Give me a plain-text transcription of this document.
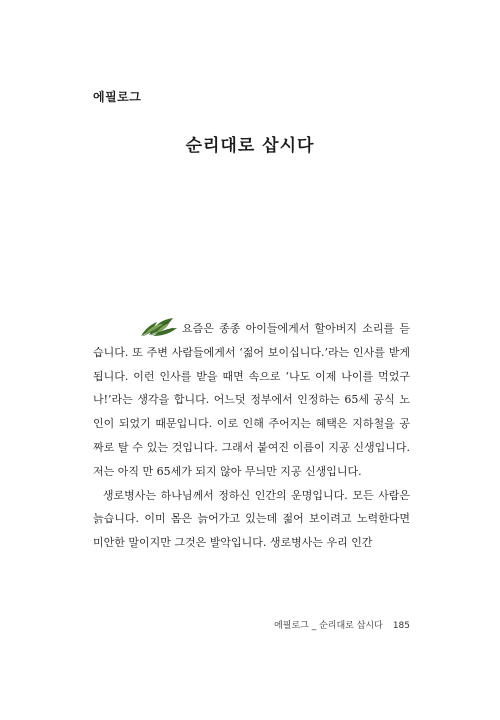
에필로그
순리대로 삽시다

요즘은 종종 아이들에게서 할아버지 소리를 듣습니다. 또 주변 사람들에게서 ‘젊어 보이십니다.’라는 인사를 받게 됩니다. 이런 인사를 받을 때면 속으로 ‘나도 이제 나이를 먹었구나!’라는 생각을 합니다. 어느덧 정부에서 인정하는 65세 공식 노인이 되었기 때문입니다. 이로 인해 주어지는 혜택은 지하철을 공짜로 탈 수 있는 것입니다. 그래서 붙여진 이름이 지공 신생입니다. 저는 아직 만 65세가 되지 않아 무늬만 지공 신생입니다.

생로병사는 하나님께서 정하신 인간의 운명입니다. 모든 사람은 늙습니다. 이미 몸은 늙어가고 있는데 젊어 보이려고 노력한다면 미안한 말이지만 그것은 발악입니다. 생로병사는 우리 인간

에필로그 _ 순리대로 삽시다 185
